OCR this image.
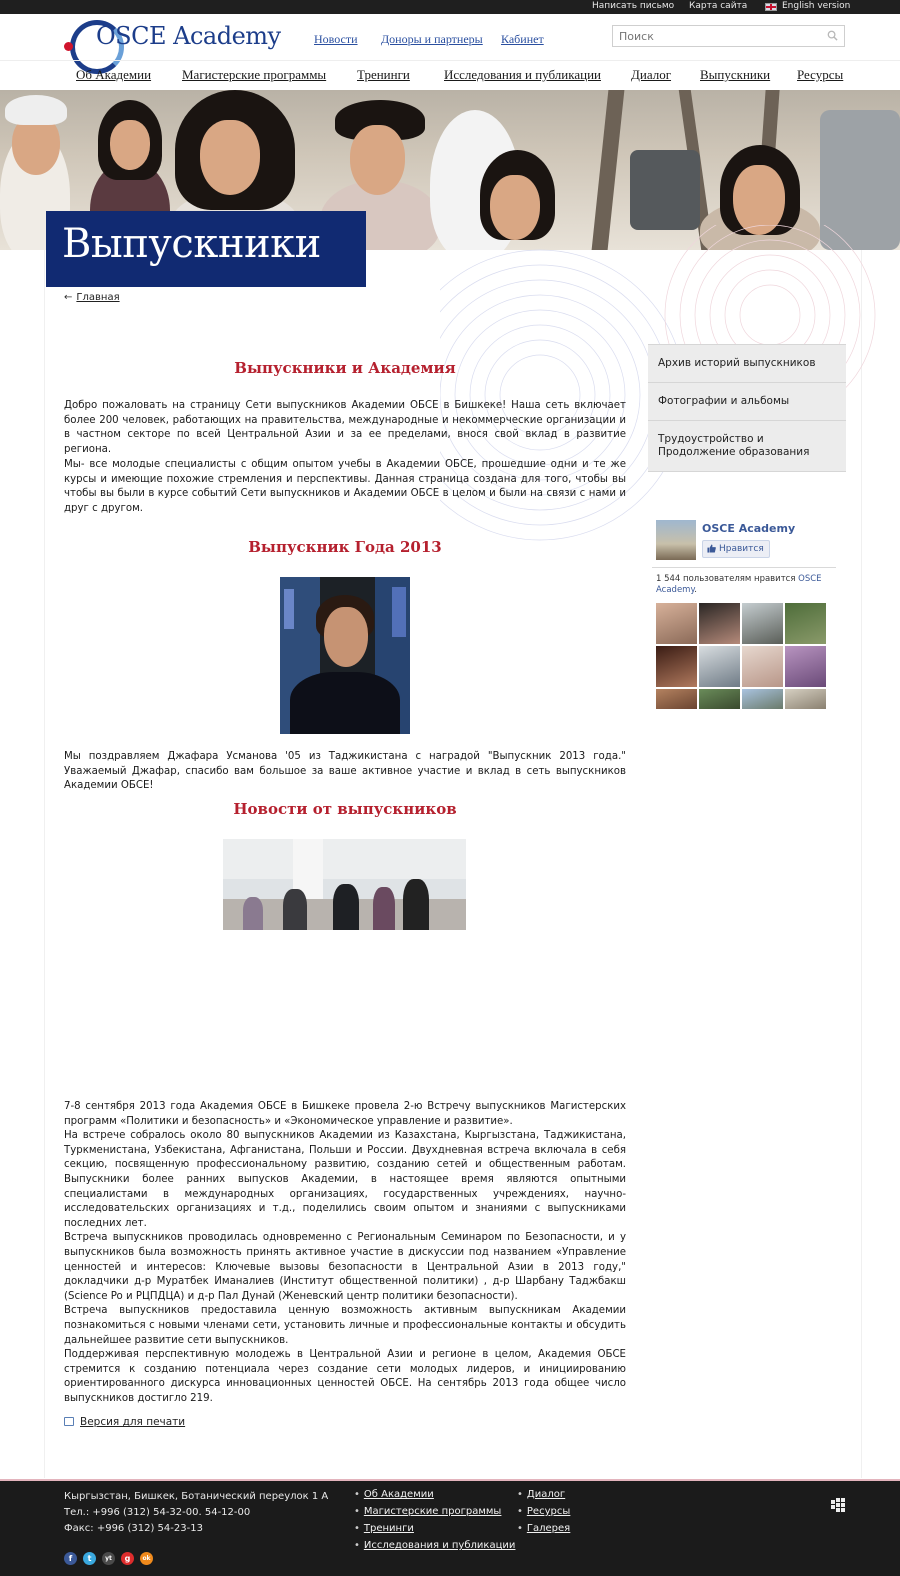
Написать письмо Карта сайта	English version
OSCE Academy	Новости Доноры и партнеры Кабинет
Поиск
Об Академии Магистерские программы Тренинги	Исследования и публикации Диалог Выпускники Ресурсы
Выпускники
← Главная
Выпускники и Академия
Добро пожаловать на страницу Сети выпускников Академии ОБСЕ в Бишкеке! Наша сеть включает более 200 человек, работающих на правительства, международные и некоммерческие организации и в частном секторе по всей Центральной Азии и за ее пределами, внося свой вклад в развитие региона.
Мы- все молодые специалисты с общим опытом учебы в Академии ОБСЕ, прошедшие одни и те же курсы и имеющие похожие стремления и перспективы. Данная страница создана для того, чтобы вы чтобы вы были в курсе событий Сети выпускников и Академии ОБСЕ в целом и были на связи с нами и друг с другом.
Выпускник Года 2013
Мы поздравляем Джафара Усманова '05 из Таджикистана с наградой "Выпускник 2013 года." Уважаемый Джафар, спасибо вам большое за ваше активное участие и вклад в сеть выпускников Академии ОБСЕ!
Новости от выпускников

7-8 сентября 2013 года Академия ОБСЕ в Бишкеке провела 2-ю Встречу выпускников Магистерских программ «Политики и безопасность» и «Экономическое управление и развитие».

На встрече собралось около 80 выпускников Академии из Казахстана, Кыргызстана, Таджикистана, Туркменистана, Узбекистана, Афганистана, Польши и России. Двухдневная встреча включала в себя секцию, посвященную профессиональному развитию, созданию сетей и общественным работам. Выпускники более ранних выпусков Академии, в настоящее время являются опытными специалистами в международных организациях, государственных учреждениях, научно-исследовательских организациях и т.д., поделились своим опытом и знаниями с выпускниками последних лет.

Встреча выпускников проводилась одновременно с Региональным Семинаром по Безопасности, и у выпускников была возможность принять активное участие в дискуссии под названием «Управление ценностей и интересов: Ключевые вызовы безопасности в Центральной Азии в 2013 году," докладчики д-р Муратбек Иманалиев (Институт общественной политики) , д-р Шарбану Таджбакш (Science Po и РЦПДЦА) и д-р Пал Дунай (Женевский центр политики безопасности).

Встреча выпускников предоставила ценную возможность активным выпускникам Академии познакомиться с новыми членами сети, установить личные и профессиональные контакты и обсудить дальнейшее развитие сети выпускников.

Поддерживая перспективную молодежь в Центральной Азии и регионе в целом, Академия ОБСЕ стремится к созданию потенциала через создание сети молодых лидеров, и инициированию ориентированного дискурса инновационных ценностей ОБСЕ. На сентябрь 2013 года общее число выпускников достигло 219.

Версия для печати
Архив историй выпускников
Фотографии и альбомы
Трудоустройство и Продолжение образования
OSCE Academy
Нравится
1 544 пользователям нравится OSCE Academy.
Кыргызстан, Бишкек, Ботанический переулок 1 А
Тел.: +996 (312) 54-32-00. 54-12-00
Факс: +996 (312) 54-23-13
f	t	yt	g	ok
• Об Академии
• Магистерские программы
• Тренинги
• Исследования и публикации
• Диалог
• Ресурсы
• Галерея
